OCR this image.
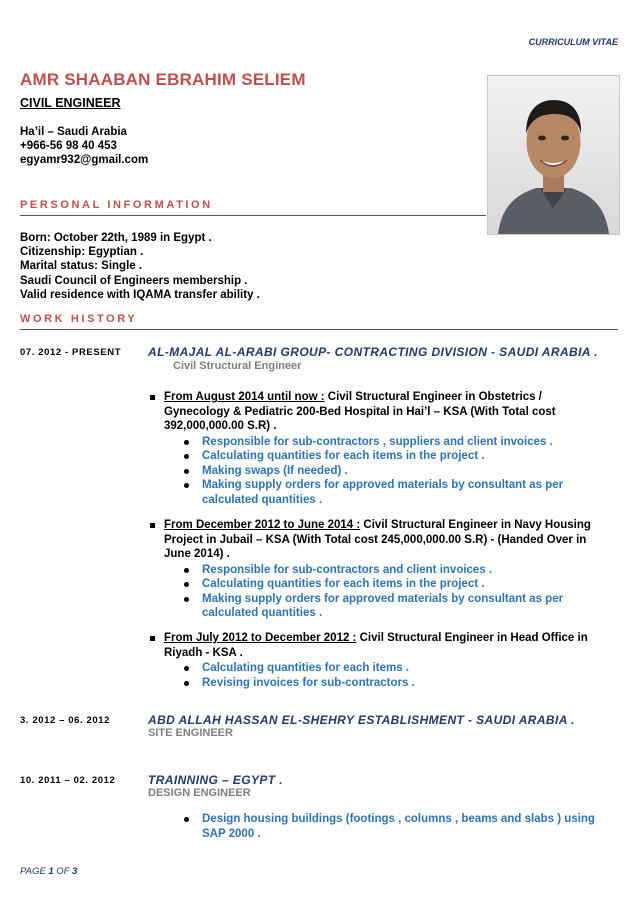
CURRICULUM VITAE
AMR SHAABAN EBRAHIM SELIEM
CIVIL ENGINEER
Ha’il – Saudi Arabia
+966-56 98 40 453
egyamr932@gmail.com
PERSONAL INFORMATION
Born: October 22th, 1989 in Egypt .
Citizenship: Egyptian .
Marital status: Single .
Saudi Council of Engineers membership .
Valid residence with IQAMA transfer ability .
WORK HISTORY
07. 2012 - PRESENT AL-MAJAL AL-ARABI GROUP- CONTRACTING DIVISION - SAUDI ARABIA .
Civil Structural Engineer
From August 2014 until now : Civil Structural Engineer in Obstetrics / Gynecology & Pediatric 200-Bed Hospital in Hai’l – KSA (With Total cost 392,000,000.00 S.R) .
Responsible for sub-contractors , suppliers and client invoices .
Calculating quantities for each items in the project .
Making swaps (If needed) .
Making supply orders for approved materials by consultant as per calculated quantities .
From December 2012 to June 2014 : Civil Structural Engineer in Navy Housing Project in Jubail – KSA (With Total cost 245,000,000.00 S.R) - (Handed Over in June 2014) .
Responsible for sub-contractors and client invoices .
Calculating quantities for each items in the project .
Making supply orders for approved materials by consultant as per calculated quantities .
From July 2012 to December 2012 : Civil Structural Engineer in Head Office in Riyadh - KSA .
Calculating quantities for each items .
Revising invoices for sub-contractors .
3. 2012 – 06. 2012	ABD ALLAH HASSAN EL-SHEHRY ESTABLISHMENT - SAUDI ARABIA .
SITE ENGINEER
10. 2011 – 02. 2012	TRAINNING – EGYPT .
DESIGN ENGINEER
Design housing buildings (footings , columns , beams and slabs ) using SAP 2000 .
PAGE 1 OF 3
